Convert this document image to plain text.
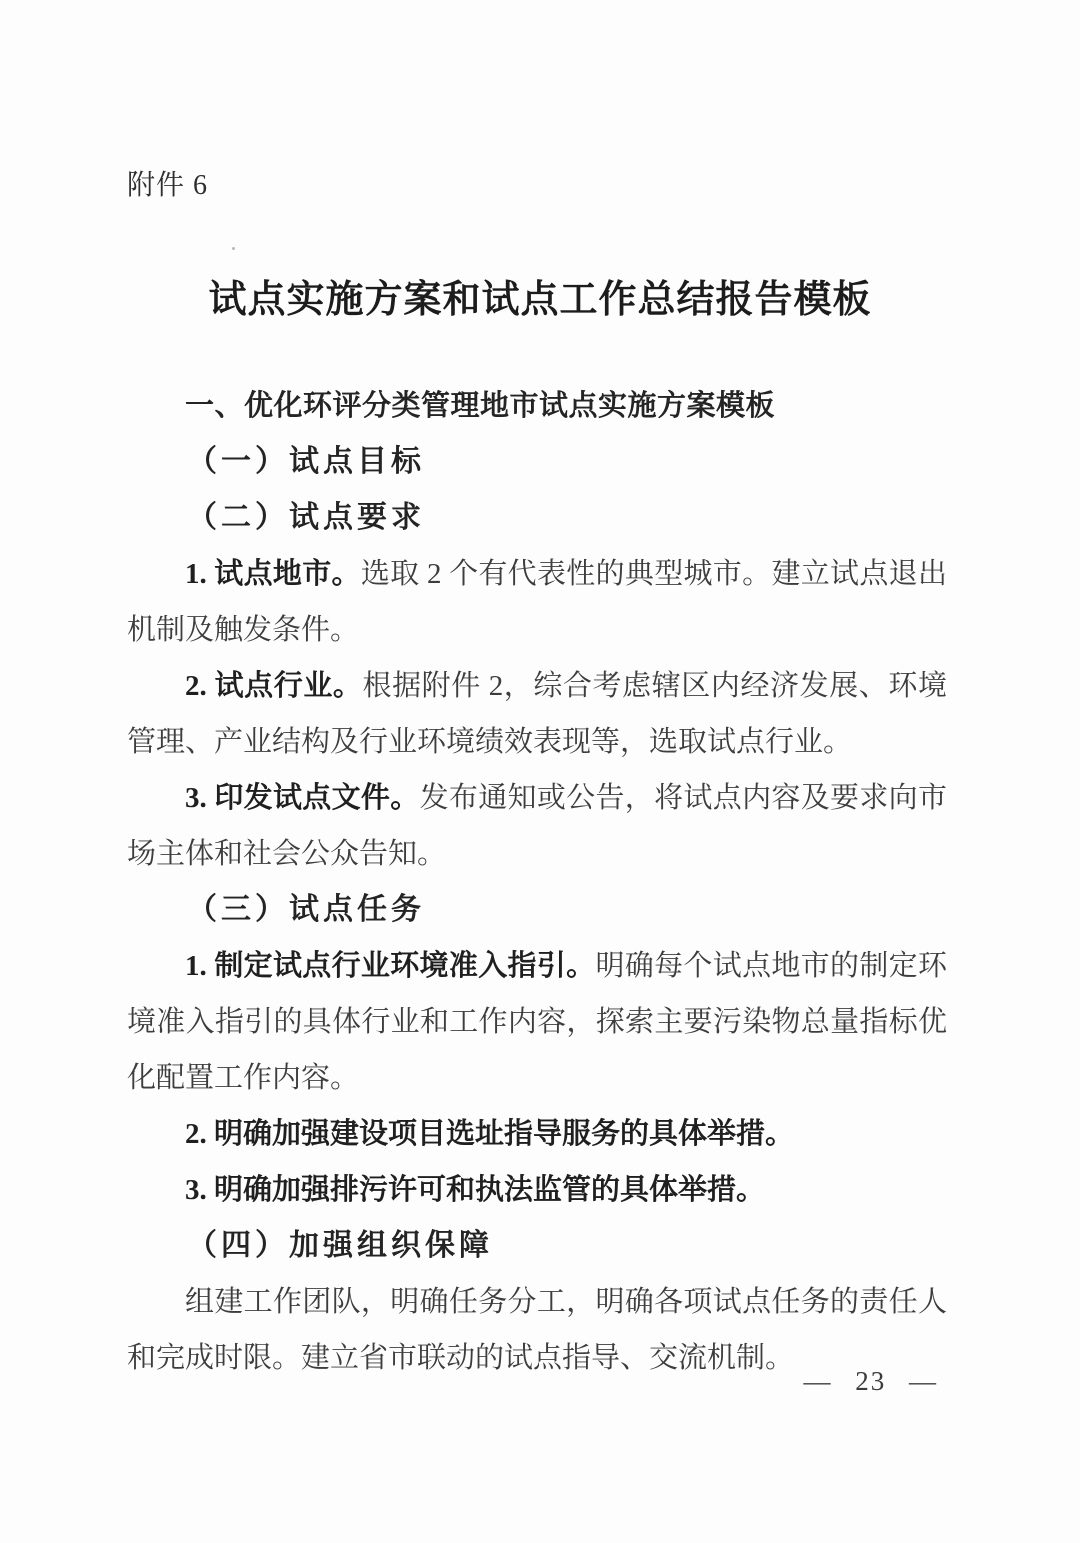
附件 6
试点实施方案和试点工作总结报告模板
一、优化环评分类管理地市试点实施方案模板
（一）试点目标
（二）试点要求

1. 试点地市。选取 2 个有代表性的典型城市。建立试点退出机制及触发条件。

2. 试点行业。根据附件 2，综合考虑辖区内经济发展、环境管理、产业结构及行业环境绩效表现等，选取试点行业。

3. 印发试点文件。发布通知或公告，将试点内容及要求向市场主体和社会公众告知。

（三）试点任务

1. 制定试点行业环境准入指引。明确每个试点地市的制定环境准入指引的具体行业和工作内容，探索主要污染物总量指标优化配置工作内容。

2. 明确加强建设项目选址指导服务的具体举措。

3. 明确加强排污许可和执法监管的具体举措。

（四）加强组织保障

组建工作团队，明确任务分工，明确各项试点任务的责任人和完成时限。建立省市联动的试点指导、交流机制。

— 23 —
